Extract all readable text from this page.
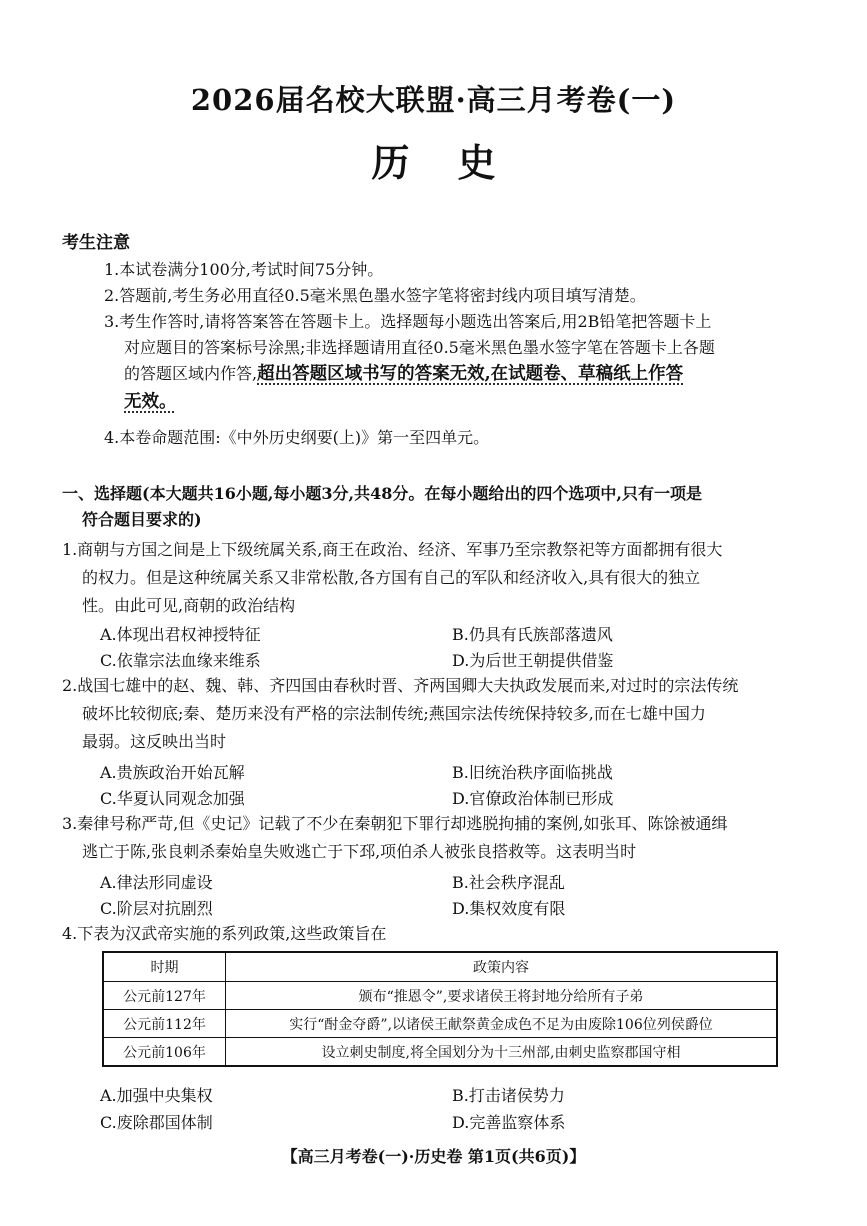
2026届名校大联盟·高三月考卷(一)
历史
考生注意
1.本试卷满分100分,考试时间75分钟。
2.答题前,考生务必用直径0.5毫米黑色墨水签字笔将密封线内项目填写清楚。
3.考生作答时,请将答案答在答题卡上。选择题每小题选出答案后,用2B铅笔把答题卡上
对应题目的答案标号涂黑;非选择题请用直径0.5毫米黑色墨水签字笔在答题卡上各题
的答题区域内作答,超出答题区域书写的答案无效,在试题卷、草稿纸上作答
无效。
4.本卷命题范围:《中外历史纲要(上)》第一至四单元。
一、选择题(本大题共16小题,每小题3分,共48分。在每小题给出的四个选项中,只有一项是
符合题目要求的)
1.商朝与方国之间是上下级统属关系,商王在政治、经济、军事乃至宗教祭祀等方面都拥有很大
的权力。但是这种统属关系又非常松散,各方国有自己的军队和经济收入,具有很大的独立
性。由此可见,商朝的政治结构
A.体现出君权神授特征	B.仍具有氏族部落遗风
C.依靠宗法血缘来维系	D.为后世王朝提供借鉴
2.战国七雄中的赵、魏、韩、齐四国由春秋时晋、齐两国卿大夫执政发展而来,对过时的宗法传统
破坏比较彻底;秦、楚历来没有严格的宗法制传统;燕国宗法传统保持较多,而在七雄中国力
最弱。这反映出当时
A.贵族政治开始瓦解	B.旧统治秩序面临挑战
C.华夏认同观念加强	D.官僚政治体制已形成
3.秦律号称严苛,但《史记》记载了不少在秦朝犯下罪行却逃脱拘捕的案例,如张耳、陈馀被通缉
逃亡于陈,张良刺杀秦始皇失败逃亡于下邳,项伯杀人被张良搭救等。这表明当时
A.律法形同虚设	B.社会秩序混乱
C.阶层对抗剧烈	D.集权效度有限
4.下表为汉武帝实施的系列政策,这些政策旨在
时期	政策内容
公元前127年	颁布“推恩令”,要求诸侯王将封地分给所有子弟
公元前112年	实行“酎金夺爵”,以诸侯王献祭黄金成色不足为由废除106位列侯爵位
公元前106年	设立刺史制度,将全国划分为十三州部,由刺史监察郡国守相
A.加强中央集权	B.打击诸侯势力
C.废除郡国体制	D.完善监察体系
【高三月考卷(一)·历史卷 第1页(共6页)】
